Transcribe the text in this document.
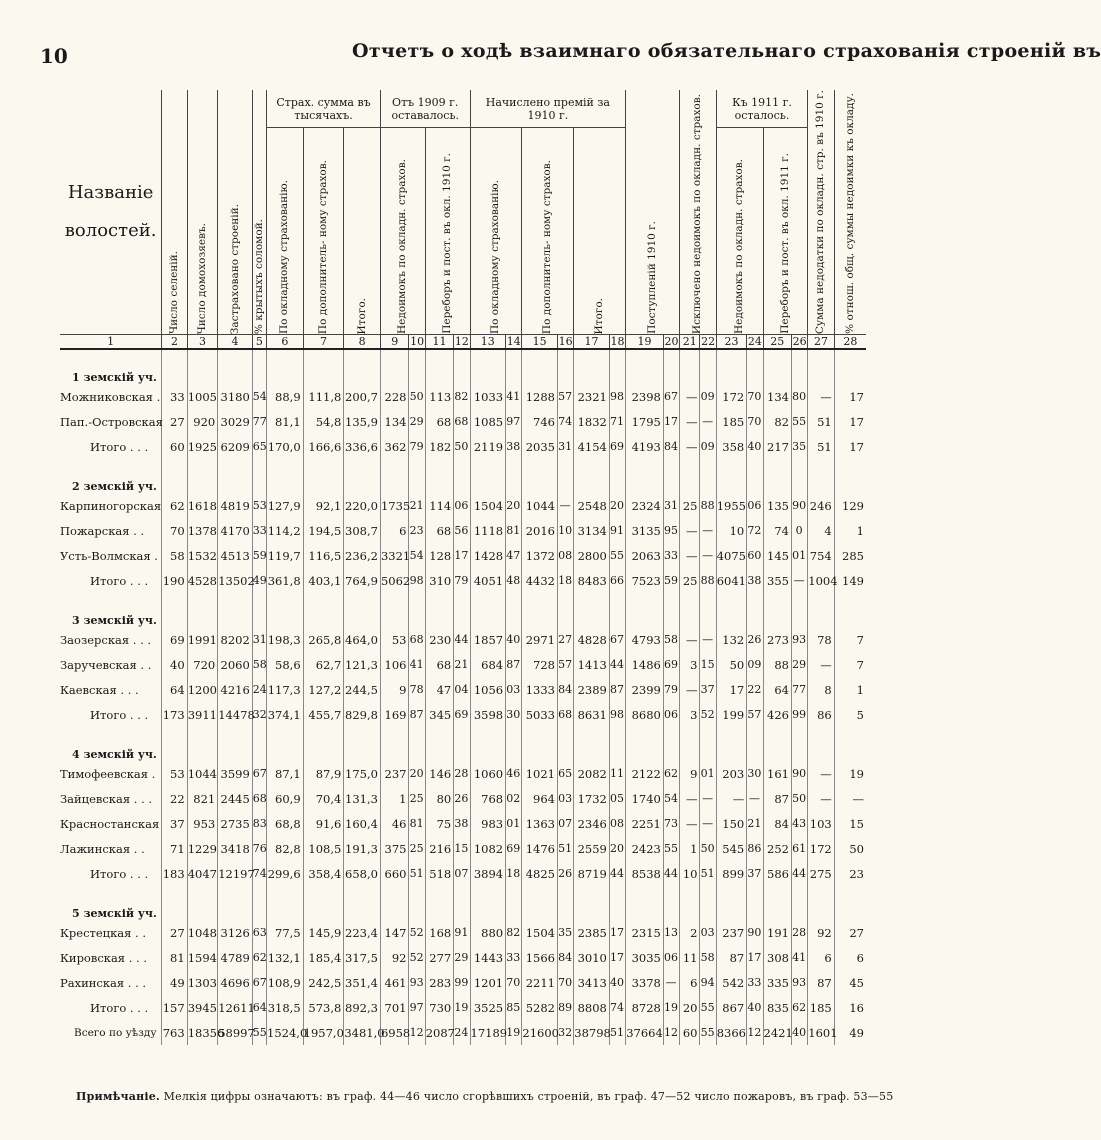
10	Отчетъ о ходѣ взаимнаго обязательнаго страхованія строеній въ
Названіе волостей.	Число селеній.	Число домохозяевъ.	Застраховано строеній.	% крытыхъ соломой.	Страх. сумма въ тысячахъ.			Отъ 1909 г. оставалось.				Начислено премій за 1910 г.						Поступленій 1910 г.		Исключено недоимокъ по окладн. страхов.		Къ 1911 г. осталось.				Сумма недодатки по окладн. стр. въ 1910 г.	% отнош. общ. суммы недоимки къ окладу.

					По окладному страхованію.	По дополнитель- ному страхов.	Итого.	Недоимокъ по окладн. страхов.		Переборъ и пост. въ окл. 1910 г.		По окладному страхованію.		По дополнитель- ному страхов.		Итого.						Недоимокъ по окладн. страхов.		Переборъ и пост. въ окл. 1911 г.			

1	2	3	4	5	6	7	8	9	10	11	12	13	14	15	16	17	18	19	20	21	22	23	24	25	26	27	28
1 земскій уч.																											
Можниковская .	33	1005	3180	54	88,9	111,8	200,7	228	50	113	82	1033	41	1288	57	2321	98	2398	67	—	09	172	70	134	80	—	17
Пап.-Островская	27	920	3029	77	81,1	54,8	135,9	134	29	68	68	1085	97	746	74	1832	71	1795	17	—	—	185	70	82	55	51	17
Итого . . .	60	1925	6209	65	170,0	166,6	336,6	362	79	182	50	2119	38	2035	31	4154	69	4193	84	—	09	358	40	217	35	51	17
2 земскій уч.																											
Карпиногорская	62	1618	4819	53	127,9	92,1	220,0	1735	21	114	06	1504	20	1044	—	2548	20	2324	31	25	88	1955	06	135	90	246	129
Пожарская . .	70	1378	4170	33	114,2	194,5	308,7	6	23	68	56	1118	81	2016	10	3134	91	3135	95	—	—	10	72	74	0	4	1
Усть-Волмская .	58	1532	4513	59	119,7	116,5	236,2	3321	54	128	17	1428	47	1372	08	2800	55	2063	33	—	—	4075	60	145	01	754	285
Итого . . .	190	4528	13502	49	361,8	403,1	764,9	5062	98	310	79	4051	48	4432	18	8483	66	7523	59	25	88	6041	38	355	—	1004	149
3 земскій уч.																											
Заозерская . . .	69	1991	8202	31	198,3	265,8	464,0	53	68	230	44	1857	40	2971	27	4828	67	4793	58	—	—	132	26	273	93	78	7
Заручевская . .	40	720	2060	58	58,6	62,7	121,3	106	41	68	21	684	87	728	57	1413	44	1486	69	3	15	50	09	88	29	—	7
Каевская . . .	64	1200	4216	24	117,3	127,2	244,5	9	78	47	04	1056	03	1333	84	2389	87	2399	79	—	37	17	22	64	77	8	1
Итого . . .	173	3911	14478	32	374,1	455,7	829,8	169	87	345	69	3598	30	5033	68	8631	98	8680	06	3	52	199	57	426	99	86	5
4 земскій уч.																											
Тимофеевская .	53	1044	3599	67	87,1	87,9	175,0	237	20	146	28	1060	46	1021	65	2082	11	2122	62	9	01	203	30	161	90	—	19
Зайцевская . . .	22	821	2445	68	60,9	70,4	131,3	1	25	80	26	768	02	964	03	1732	05	1740	54	—	—	—	—	87	50	—	—
Красностанская	37	953	2735	83	68,8	91,6	160,4	46	81	75	38	983	01	1363	07	2346	08	2251	73	—	—	150	21	84	43	103	15
Лажинская . .	71	1229	3418	76	82,8	108,5	191,3	375	25	216	15	1082	69	1476	51	2559	20	2423	55	1	50	545	86	252	61	172	50
Итого . . .	183	4047	12197	74	299,6	358,4	658,0	660	51	518	07	3894	18	4825	26	8719	44	8538	44	10	51	899	37	586	44	275	23
5 земскій уч.																											
Крестецкая . .	27	1048	3126	63	77,5	145,9	223,4	147	52	168	91	880	82	1504	35	2385	17	2315	13	2	03	237	90	191	28	92	27
Кировская . . .	81	1594	4789	62	132,1	185,4	317,5	92	52	277	29	1443	33	1566	84	3010	17	3035	06	11	58	87	17	308	41	6	6
Рахинская . . .	49	1303	4696	67	108,9	242,5	351,4	461	93	283	99	1201	70	2211	70	3413	40	3378	—	6	94	542	33	335	93	87	45
Итого . . .	157	3945	12611	64	318,5	573,8	892,3	701	97	730	19	3525	85	5282	89	8808	74	8728	19	20	55	867	40	835	62	185	16
Всего по уѣзду	763	18356	58997	55	1524,0	1957,0	3481,0	6958	12	2087	24	17189	19	21600	32	38798	51	37664	12	60	55	8366	12	2421	40	1601	49
Примѣчаніе. Мелкія цифры означаютъ: въ граф. 44—46 число сгорѣвшихъ строеній, въ граф. 47—52 число пожаровъ, въ граф. 53—55
